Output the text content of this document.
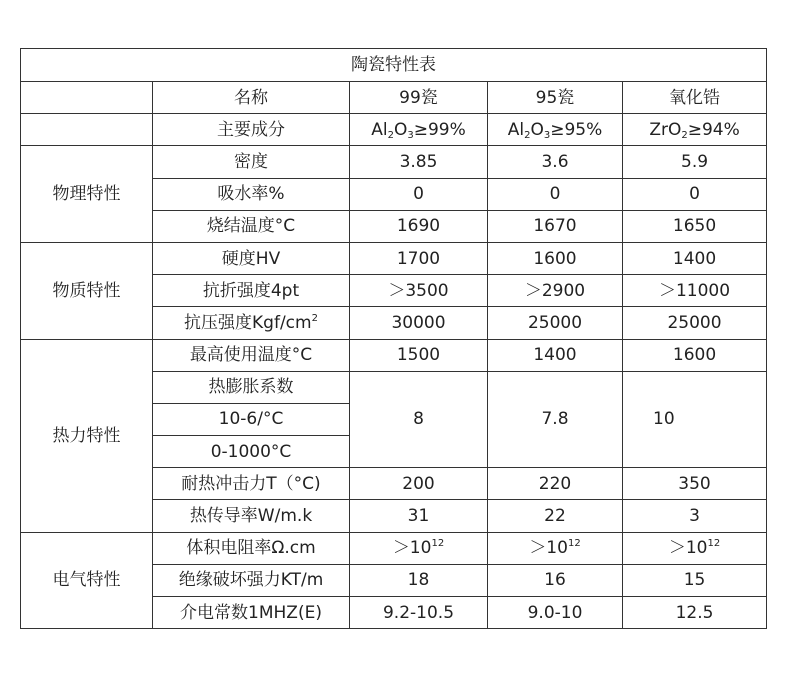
陶瓷特性表				
	名称	99瓷	95瓷	氧化锆
	主要成分	$Al_2O_3\ge 99\%$	$Al_2O_3\ge 95\%$	ZrO$_2$≥94%
物理特性	密度	3.85	3.6	5.9
	吸水率%	0	0	0
	烧结温度°C	1690	1670	1650
物质特性	硬度HV	1700	1600	1400
	抗折强度4pt	＞3500	＞2900	＞11000
	抗压强度Kgf/$cm^2$	30000	25000	25000
热力特性	最高使用温度°C	1500	1400	1600
	热膨胀系数	8	7.8	10
	10-6/°C			
	0-1000°C			
	耐热冲击力T（°C)	200	220	350
	热传导率W/m.k	31	22	3
电气特性	体积电阻率Ω.cm	$>10^{12}$	$>10^{12}$	$>10^{12}$
	绝缘破坏强力KT/m	18	16	15
	介电常数1MHZ(E)	9.2-10.5	9.0-10	12.5
